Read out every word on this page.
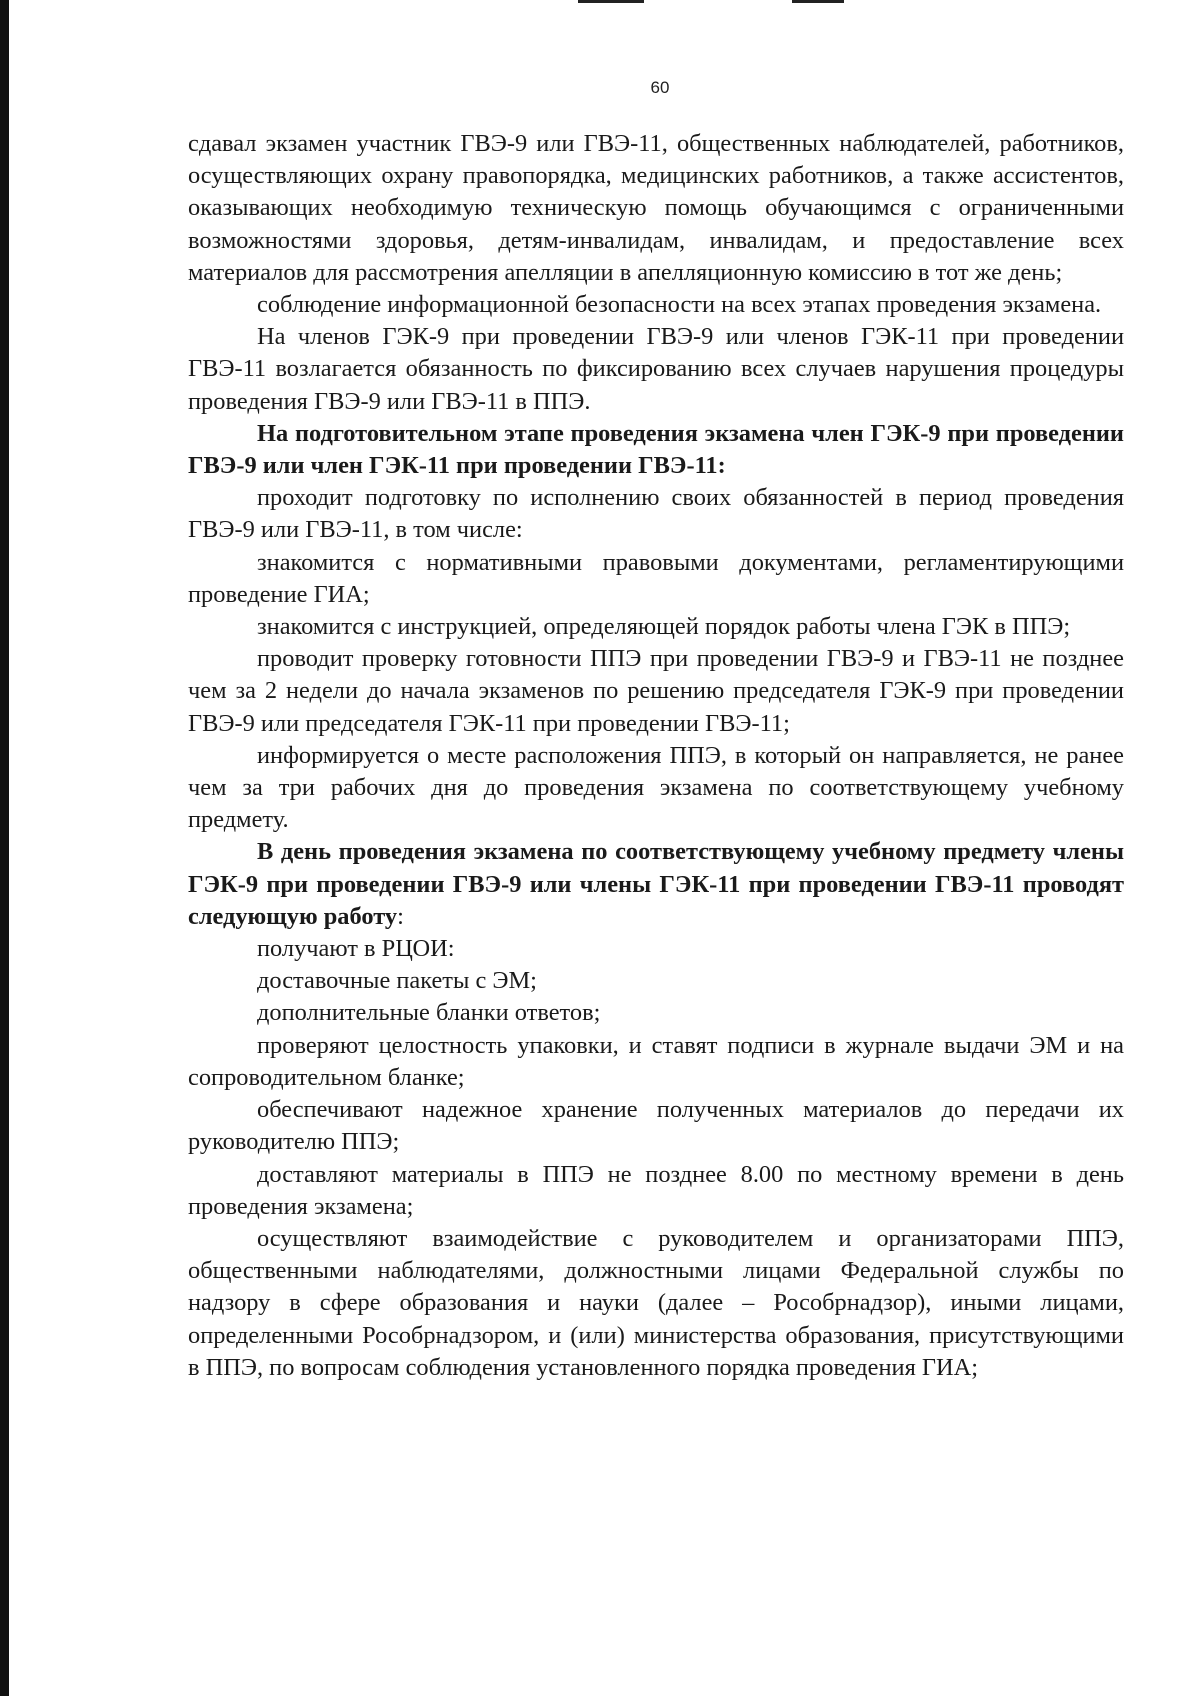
60

сдавал экзамен участник ГВЭ-9 или ГВЭ-11, общественных наблюдателей, работников, осуществляющих охрану правопорядка, медицинских работников, а также ассистентов, оказывающих необходимую техническую помощь обучающимся с ограниченными возможностями здоровья, детям-инвалидам, инвалидам, и предоставление всех материалов для рассмотрения апелляции в апелляционную комиссию в тот же день;

соблюдение информационной безопасности на всех этапах проведения экзамена.

На членов ГЭК-9 при проведении ГВЭ-9 или членов ГЭК-11 при проведении ГВЭ-11 возлагается обязанность по фиксированию всех случаев нарушения процедуры проведения ГВЭ-9 или ГВЭ-11 в ППЭ.

На подготовительном этапе проведения экзамена член ГЭК-9 при проведении ГВЭ-9 или член ГЭК-11 при проведении ГВЭ-11:

проходит подготовку по исполнению своих обязанностей в период проведения ГВЭ-9 или ГВЭ-11, в том числе:

знакомится с нормативными правовыми документами, регламентирующими проведение ГИА;

знакомится с инструкцией, определяющей порядок работы члена ГЭК в ППЭ;

проводит проверку готовности ППЭ при проведении ГВЭ-9 и ГВЭ-11 не позднее чем за 2 недели до начала экзаменов по решению председателя ГЭК-9 при проведении ГВЭ-9 или председателя ГЭК-11 при проведении ГВЭ-11;

информируется о месте расположения ППЭ, в который он направляется, не ранее чем за три рабочих дня до проведения экзамена по соответствующему учебному предмету.

В день проведения экзамена по соответствующему учебному предмету члены ГЭК-9 при проведении ГВЭ-9 или члены ГЭК-11 при проведении ГВЭ-11 проводят следующую работу:

получают в РЦОИ:

доставочные пакеты с ЭМ;

дополнительные бланки ответов;

проверяют целостность упаковки, и ставят подписи в журнале выдачи ЭМ и на сопроводительном бланке;

обеспечивают надежное хранение полученных материалов до передачи их руководителю ППЭ;

доставляют материалы в ППЭ не позднее 8.00 по местному времени в день проведения экзамена;

осуществляют взаимодействие с руководителем и организаторами ППЭ, общественными наблюдателями, должностными лицами Федеральной службы по надзору в сфере образования и науки (далее – Рособрнадзор), иными лицами, определенными Рособрнадзором, и (или) министерства образования, присутствующими в ППЭ, по вопросам соблюдения установленного порядка проведения ГИА;
